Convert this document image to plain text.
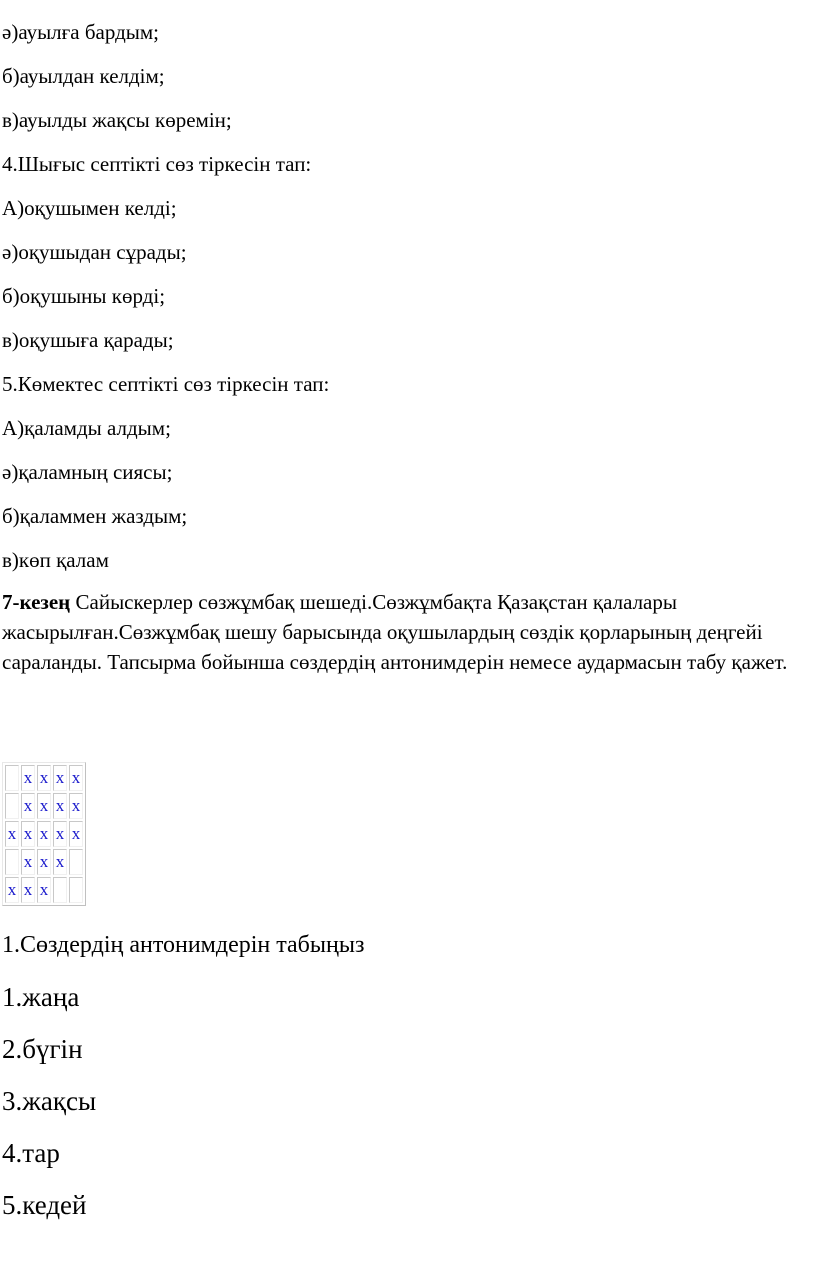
ә)ауылға бардым;
б)ауылдан келдім;
в)ауылды жақсы көремін;
4.Шығыс септікті сөз тіркесін тап:
А)оқушымен келді;
ә)оқушыдан сұрады;
б)оқушыны көрді;
в)оқушыға қарады;
5.Көмектес септікті сөз тіркесін тап:
А)қаламды алдым;
ә)қаламның сиясы;
б)қаламмен жаздым;
в)көп қалам

7-кезең Сайыскерлер сөзжұмбақ шешеді.Сөзжұмбақта Қазақстан қалалары жасырылған.Сөзжұмбақ шешу барысында оқушылардың сөздік қорларының деңгейі сараланды. Тапсырма бойынша сөздердің антонимдерін немесе аудармасын табу қажет.

	x	x	x	x
	x	x	x	x
x	x	x	x	x
	x	x	x	
x	x	x		
1.Сөздердің антонимдерін табыңыз
1.жаңа
2.бүгін
3.жақсы
4.тар
5.кедей
